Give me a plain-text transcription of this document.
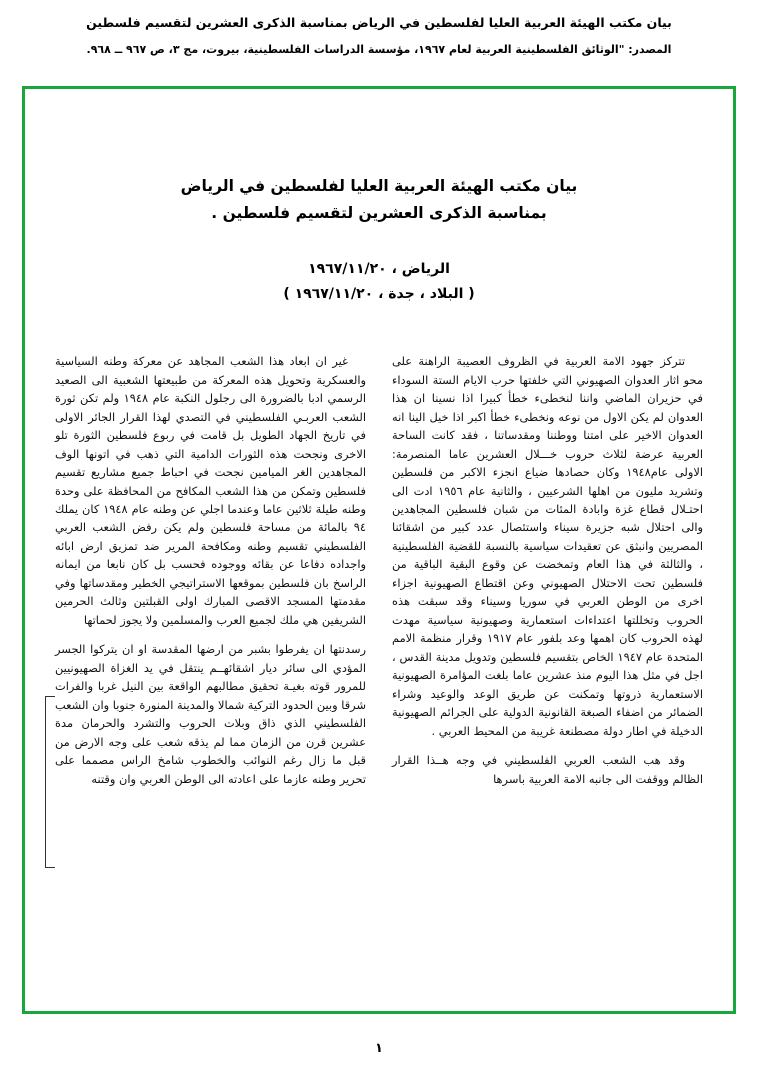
بيان مكتب الهيئة العربية العليا لفلسطين في الرياض بمناسبة الذكرى العشرين لتقسيم فلسطين
المصدر: "الوثائق الفلسطينية العربية لعام ١٩٦٧، مؤسسة الدراسات الفلسطينية، بيروت، مج ٣، ص ٩٦٧ ــ ٩٦٨.
بيان مكتب الهيئة العربية العليا لفلسطين في الرياض بمناسبة الذكرى العشرين لتقسيم فلسطين .
الرياض ، ١٩٦٧/١١/٢٠
( البلاد ، جدة ، ١٩٦٧/١١/٢٠ )

تتركز جهود الامة العربية في الظروف العصيبة الراهنة على محو اثار العدوان الصهيوني التي خلفتها حرب الايام الستة السوداء في حزيران الماضي واننا لنخطىء خطأ كبيرا اذا نسينا ان هذا العدوان لم يكن الاول من نوعه ونخطىء خطأ اكبر اذا خيل الينا انه العدوان الاخير على امتنا ووطننا ومقدساتنا ، فقد كانت الساحة العربية عرضة لثلاث حروب خـــلال العشرين عاما المنصرمة: الاولى عام١٩٤٨ وكان حصادها ضياع انجزء الاكبر من فلسطين وتشريد مليون من اهلها الشرعيين ، والثانية عام ١٩٥٦ ادت الى احتـلال قطاع غزة وابادة المئات من شبان فلسطين المجاهدين والى احتلال شبه جزيرة سيناء واستئصال عدد كبير من اشقائنا المصريين وانبثق عن تعقيدات سياسية بالنسبة للقضية الفلسطينية ، والثالثة في هذا العام وتمخضت عن وقوع البقية الباقية من فلسطين تحت الاحتلال الصهيوني وعن اقتطاع الصهيونية اجزاء اخرى من الوطن العربي في سوريا وسيناء وقد سبقت هذه الحروب وتخللتها اعتداءات استعمارية وصهيونية سياسية مهدت لهذه الحروب كان اهمها وعد بلفور عام ١٩١٧ وقرار منظمة الامم المتحدة عام ١٩٤٧ الخاص بتقسيم فلسطين وتدويل مدينة القدس ، اجل في مثل هذا اليوم منذ عشرين عاما بلغت المؤامرة الصهيونية الاستعمارية ذروتها وتمكنت عن طريق الوعد والوعيد وشراء الضمائر من اضفاء الصبغة القانونية الدولية على الجرائم الصهيونية الدخيلة في اطار دولة مصطنعة غريبة من المحيط العربي .

وقد هب الشعب العربي الفلسطيني في وجه هــذا القرار الظالم ووقفت الى جانبه الامة العربية باسرها

غير ان ابعاد هذا الشعب المجاهد عن معركة وطنه السياسية والعسكرية وتحويل هذه المعركة من طبيعتها الشعبية الى الصعيد الرسمي ادبا بالضرورة الى رجلول النكبة عام ١٩٤٨ ولم تكن ثورة الشعب العربـي الفلسطيني في التصدي لهذا القرار الجائر الاولى في تاريخ الجهاد الطويل بل قامت في ربوع فلسطين الثورة تلو الاخرى ونجحت هذه الثورات الدامية التي ذهب في اتونها الوف المجاهدين الغر الميامين نجحت في احباط جميع مشاريع تقسيم فلسطين وتمكن من هذا الشعب المكافح من المحافظة على وحدة وطنه طيلة ثلاثين عاما وعندما اجلي عن وطنه عام ١٩٤٨ كان يملك ٩٤ بالمائة من مساحة فلسطين ولم يكن رفض الشعب العربي الفلسطيني تقسيم وطنه ومكافحة المرير ضد تمزيق ارض ابائه واجداده دفاعا عن بقائه ووجوده فحسب بل كان نابعا من ايمانه الراسخ بان فلسطين بموقعها الاستراتيجي الخطير ومقدساتها وفي مقدمتها المسجد الاقصى المبارك اولى القبلتين وثالث الحرمين الشريفين هي ملك لجميع العرب والمسلمين ولا يجوز لحماتها

رسدنتها ان يفرطوا بشبر من ارضها المقدسة او ان يتركوا الجسر المؤدي الى سائر ديار اشقائهــم ينتقل في يد الغزاة الصهيونيين للمرور قوته بغيـة تحقيق مطالبهم الواقعة بين النيل غربا والفرات شرقا وبين الحدود التركية شمالا والمدينة المنورة جنوبا وان الشعب الفلسطيني الذي ذاق وبلات الحروب والتشرد والحرمان مدة عشرين قرن من الزمان مما لم يذقه شعب على وجه الارض من قبل ما زال رغم النوائب والخطوب شامخ الراس مصمما على تحرير وطنه عازما على اعادته الى الوطن العربي وان وقتنه

١
